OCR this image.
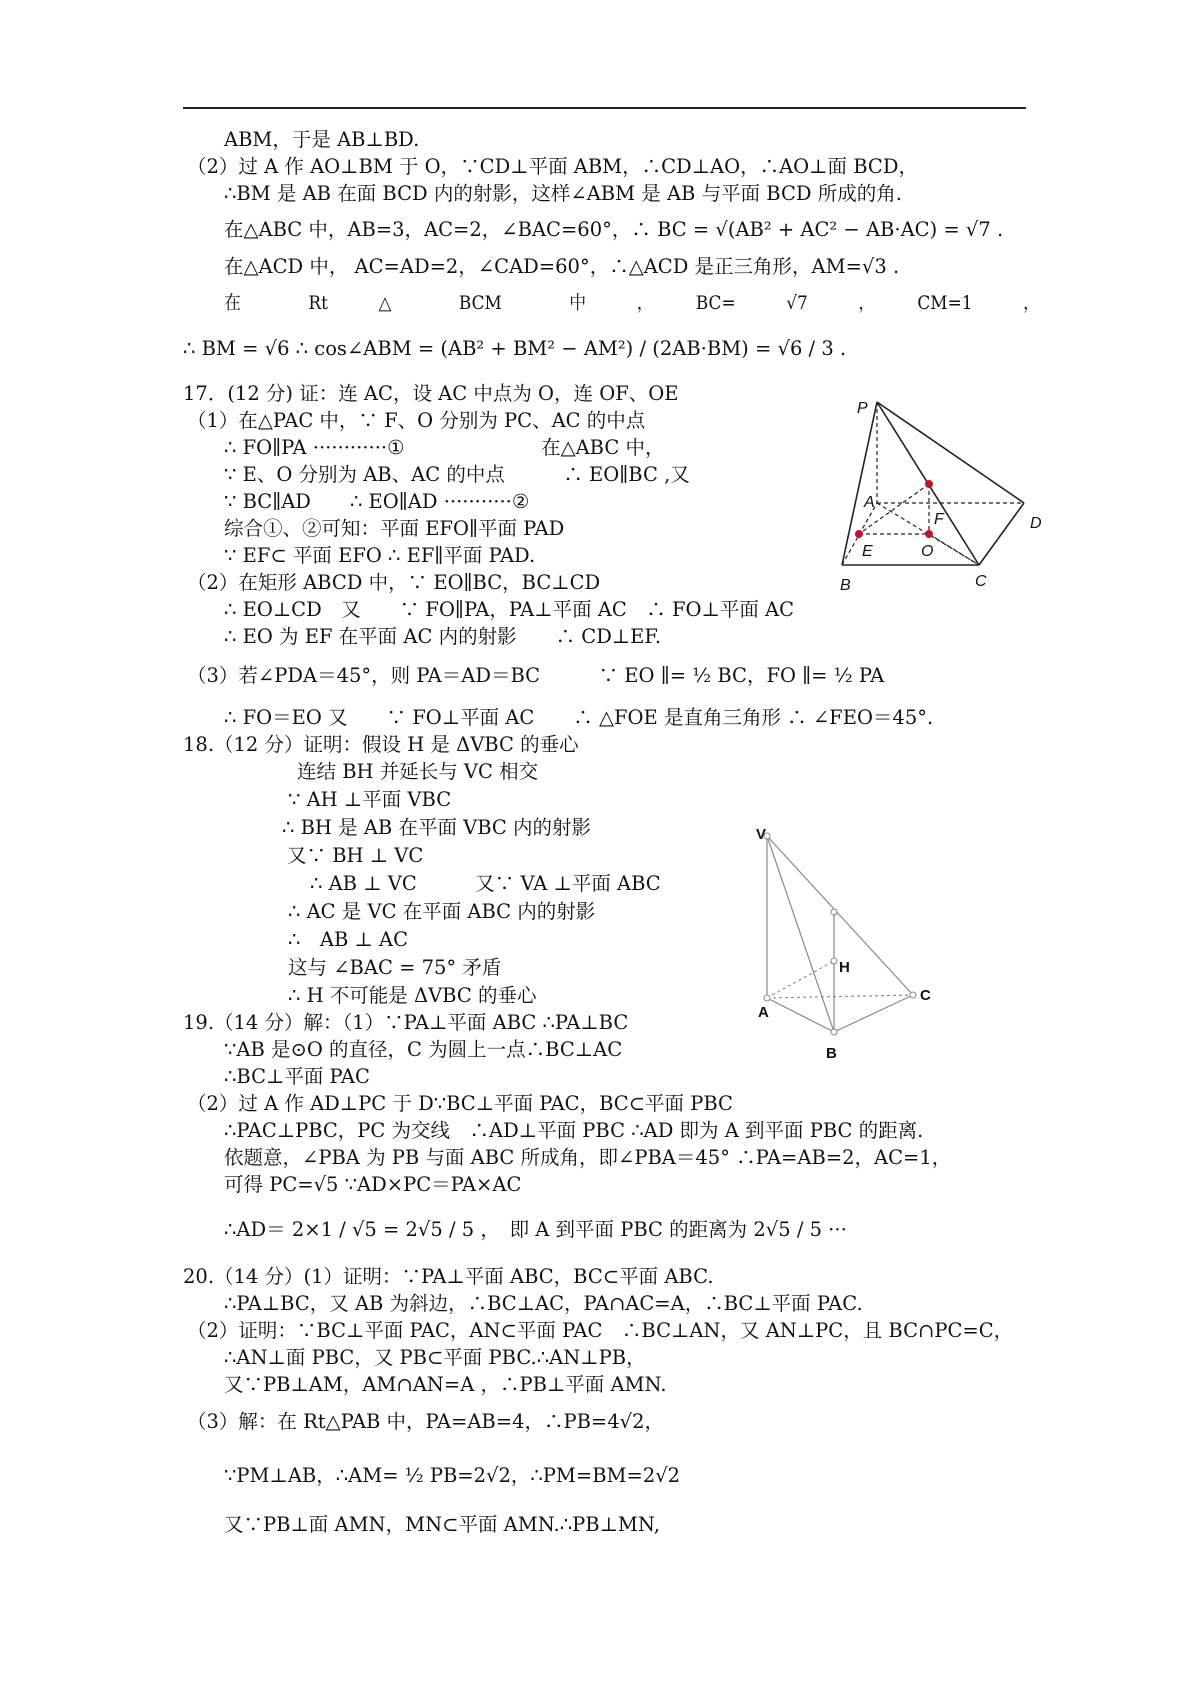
ABM，于是 AB⊥BD.
（2）过 A 作 AO⊥BM 于 O，∵CD⊥平面 ABM，∴CD⊥AO，∴AO⊥面 BCD，
∴BM 是 AB 在面 BCD 内的射影，这样∠ABM 是 AB 与平面 BCD 所成的角.
在△ABC 中，AB=3，AC=2，∠BAC=60°，∴ BC = √(AB² + AC² − AB·AC) = √7 .
在△ACD 中， AC=AD=2，∠CAD=60°，∴△ACD 是正三角形，AM=√3 .
在　　　　Rt　　　△　　　　BCM　　　　中　　　，　　　BC=　　　√7　　　，　　　CM=1　　　，
∴ BM = √6 ∴ cos∠ABM = (AB² + BM² − AM²) / (2AB·BM) = √6 / 3 .
17．(12 分) 证：连 AC，设 AC 中点为 O，连 OF、OE
（1）在△PAC 中，∵ F、O 分别为 PC、AC 的中点
∴ FO∥PA ············①　　　　　　　在△ABC 中，
∵ E、O 分别为 AB、AC 的中点　　　∴ EO∥BC ,又
∵ BC∥AD　　∴ EO∥AD ···········②
综合①、②可知：平面 EFO∥平面 PAD
∵ EF⊂ 平面 EFO ∴ EF∥平面 PAD.
（2）在矩形 ABCD 中，∵ EO∥BC，BC⊥CD
∴ EO⊥CD　又　　∵ FO∥PA，PA⊥平面 AC　∴ FO⊥平面 AC
∴ EO 为 EF 在平面 AC 内的射影　　∴ CD⊥EF.
（3）若∠PDA＝45°，则 PA＝AD＝BC　　　∵ EO ∥= ½ BC，FO ∥= ½ PA
∴ FO＝EO 又　　∵ FO⊥平面 AC　　∴ △FOE 是直角三角形 ∴ ∠FEO＝45°.
18.（12 分）证明：假设 H 是 ΔVBC 的垂心
连结 BH 并延长与 VC 相交
∵ AH ⊥平面 VBC
∴ BH 是 AB 在平面 VBC 内的射影
又∵ BH ⊥ VC
∴ AB ⊥ VC　　　又∵ VA ⊥平面 ABC
∴ AC 是 VC 在平面 ABC 内的射影
∴　AB ⊥ AC
这与 ∠BAC = 75° 矛盾
∴ H 不可能是 ΔVBC 的垂心
19.（14 分）解：（1）∵PA⊥平面 ABC ∴PA⊥BC
∵AB 是⊙O 的直径，C 为圆上一点∴BC⊥AC
∴BC⊥平面 PAC
（2）过 A 作 AD⊥PC 于 D∵BC⊥平面 PAC，BC⊂平面 PBC
∴PAC⊥PBC，PC 为交线　∴AD⊥平面 PBC ∴AD 即为 A 到平面 PBC 的距离.
依题意，∠PBA 为 PB 与面 ABC 所成角，即∠PBA＝45° ∴PA=AB=2，AC=1，
可得 PC=√5 ∵AD×PC＝PA×AC
∴AD＝ 2×1 / √5 = 2√5 / 5 ，　即 A 到平面 PBC 的距离为 2√5 / 5 ···
20.（14 分）(1）证明：∵PA⊥平面 ABC，BC⊂平面 ABC.
∴PA⊥BC，又 AB 为斜边，∴BC⊥AC，PA∩AC=A，∴BC⊥平面 PAC.
（2）证明：∵BC⊥平面 PAC，AN⊂平面 PAC　∴BC⊥AN，又 AN⊥PC，且 BC∩PC=C，
∴AN⊥面 PBC，又 PB⊂平面 PBC.∴AN⊥PB，
又∵PB⊥AM，AM∩AN=A ，∴PB⊥平面 AMN.
（3）解：在 Rt△PAB 中，PA=AB=4，∴PB=4√2，
∵PM⊥AB，∴AM= ½ PB=2√2，∴PM=BM=2√2
又∵PB⊥面 AMN，MN⊂平面 AMN.∴PB⊥MN,
P
A
D
F
E	O
B	C
V
H
A
C
B
